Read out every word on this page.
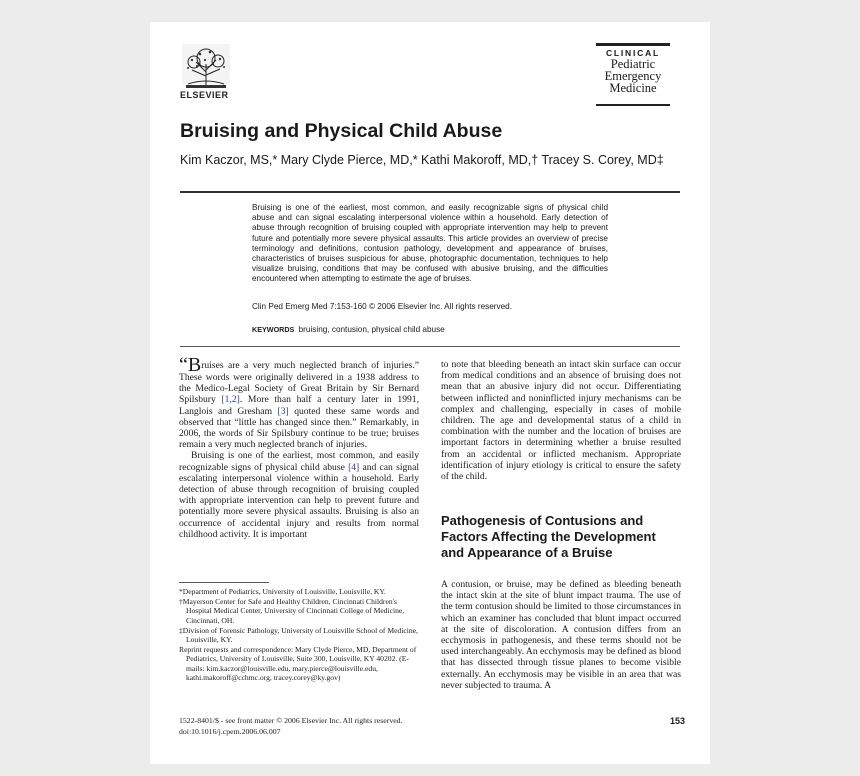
ELSEVIER
CLINICAL
Pediatric
Emergency
Medicine
Bruising and Physical Child Abuse
Kim Kaczor, MS,* Mary Clyde Pierce, MD,* Kathi Makoroff, MD,† Tracey S. Corey, MD‡
Bruising is one of the earliest, most common, and easily recognizable signs of physical child abuse and can signal escalating interpersonal violence within a household. Early detection of abuse through recognition of bruising coupled with appropriate intervention may help to prevent future and potentially more severe physical assaults. This article provides an overview of precise terminology and definitions, contusion pathology, development and appearance of bruises, characteristics of bruises suspicious for abuse, photographic documentation, techniques to help visualize bruising, conditions that may be confused with abusive bruising, and the difficulties encountered when attempting to estimate the age of bruises.
Clin Ped Emerg Med 7:153-160 © 2006 Elsevier Inc. All rights reserved.
KEYWORDS bruising, contusion, physical child abuse

“Bruises are a very much neglected branch of injuries.” These words were originally delivered in a 1938 address to the Medico-Legal Society of Great Britain by Sir Bernard Spilsbury [1,2]. More than half a century later in 1991, Langlois and Gresham [3] quoted these same words and observed that “little has changed since then.” Remarkably, in 2006, the words of Sir Spilsbury continue to be true; bruises remain a very much neglected branch of injuries.

Bruising is one of the earliest, most common, and easily recognizable signs of physical child abuse [4] and can signal escalating interpersonal violence within a household. Early detection of abuse through recognition of bruising coupled with appropriate intervention can help to prevent future and potentially more severe physical assaults. Bruising is also an occurrence of accidental injury and results from normal childhood activity. It is important

*Department of Pediatrics, University of Louisville, Louisville, KY.

†Mayerson Center for Safe and Healthy Children, Cincinnati Children's Hospital Medical Center, University of Cincinnati College of Medicine, Cincinnati, OH.

‡Division of Forensic Pathology, University of Louisville School of Medicine, Louisville, KY.

Reprint requests and correspondence: Mary Clyde Pierce, MD, Department of Pediatrics, University of Louisville, Suite 300, Louisville, KY 40202. (E-mails: kim.kaczor@louisville.edu, mary.pierce@louisville.edu, kathi.makoroff@cchmc.org, tracey.corey@ky.gov)

to note that bleeding beneath an intact skin surface can occur from medical conditions and an absence of bruising does not mean that an abusive injury did not occur. Differentiating between inflicted and noninflicted injury mechanisms can be complex and challenging, especially in cases of mobile children. The age and developmental status of a child in combination with the number and the location of bruises are important factors in determining whether a bruise resulted from an accidental or inflicted mechanism. Appropriate identification of injury etiology is critical to ensure the safety of the child.

Pathogenesis of Contusions and Factors Affecting the Development and Appearance of a Bruise

A contusion, or bruise, may be defined as bleeding beneath the intact skin at the site of blunt impact trauma. The use of the term contusion should be limited to those circumstances in which an examiner has concluded that blunt impact occurred at the site of discoloration. A contusion differs from an ecchymosis in pathogenesis, and these terms should not be used interchangeably. An ecchymosis may be defined as blood that has dissected through tissue planes to become visible externally. An ecchymosis may be visible in an area that was never subjected to trauma. A

1522-8401/$ - see front matter © 2006 Elsevier Inc. All rights reserved.
doi:10.1016/j.cpem.2006.06.007
153
